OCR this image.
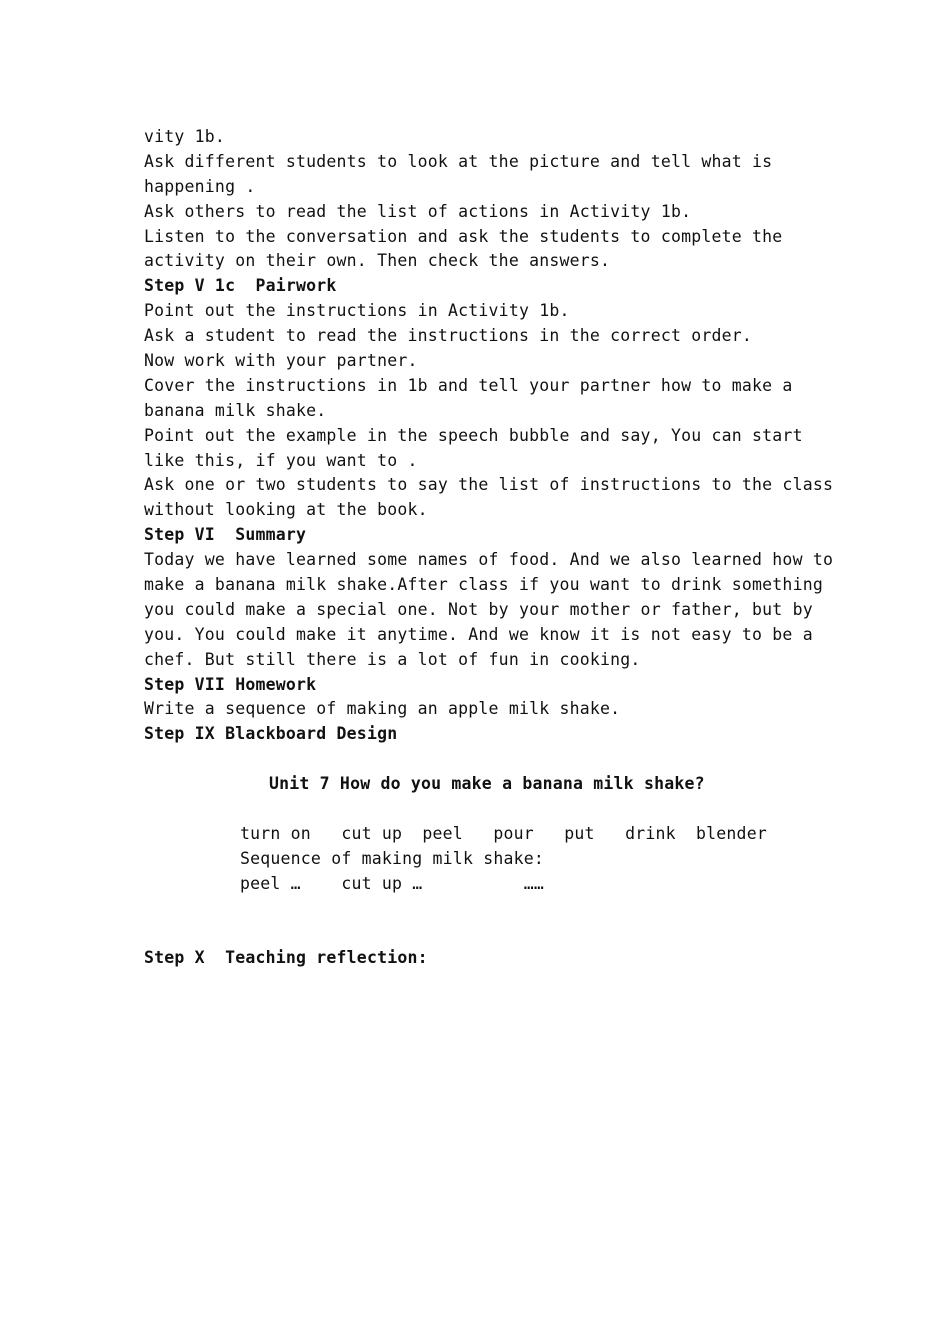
vity 1b.
Ask different students to look at the picture and tell what is
happening .
Ask others to read the list of actions in Activity 1b.
Listen to the conversation and ask the students to complete the
activity on their own. Then check the answers.
Step V 1c  Pairwork
Point out the instructions in Activity 1b.
Ask a student to read the instructions in the correct order.
Now work with your partner.
Cover the instructions in 1b and tell your partner how to make a
banana milk shake.
Point out the example in the speech bubble and say, You can start
like this, if you want to .
Ask one or two students to say the list of instructions to the class
without looking at the book.
Step VI  Summary
Today we have learned some names of food. And we also learned how to
make a banana milk shake.After class if you want to drink something
you could make a special one. Not by your mother or father, but by
you. You could make it anytime. And we know it is not easy to be a
chef. But still there is a lot of fun in cooking.
Step VII Homework
Write a sequence of making an apple milk shake.
Step IX Blackboard Design
Unit 7 How do you make a banana milk shake?
turn on   cut up  peel   pour   put   drink  blender
Sequence of making milk shake:
peel …    cut up …          ……
Step X  Teaching reflection:
